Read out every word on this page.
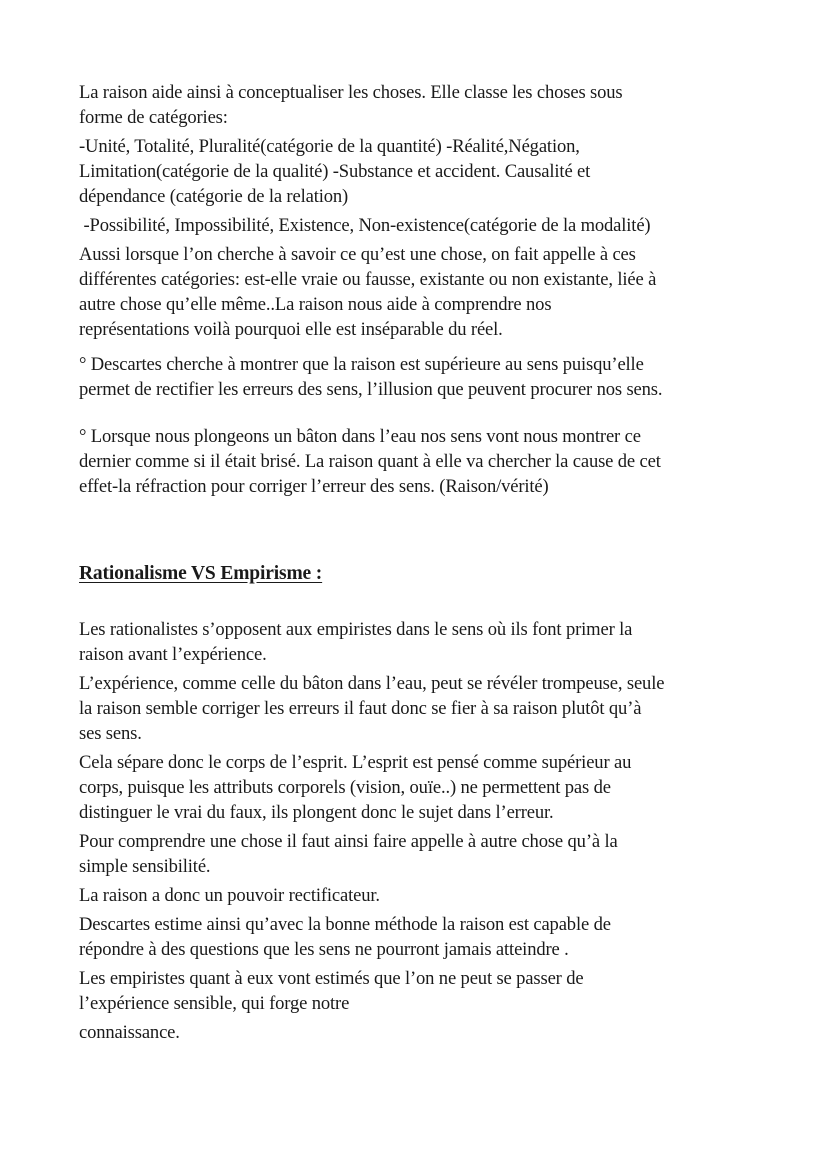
La raison aide ainsi à conceptualiser les choses. Elle classe les choses sous
forme de catégories:

-Unité, Totalité, Pluralité(catégorie de la quantité) -Réalité,Négation,
Limitation(catégorie de la qualité) -Substance et accident. Causalité et
dépendance (catégorie de la relation)

-Possibilité, Impossibilité, Existence, Non-existence(catégorie de la modalité)

Aussi lorsque l’on cherche à savoir ce qu’est une chose, on fait appelle à ces
différentes catégories: est-elle vraie ou fausse, existante ou non existante, liée à
autre chose qu’elle même..La raison nous aide à comprendre nos
représentations voilà pourquoi elle est inséparable du réel.

° Descartes cherche à montrer que la raison est supérieure au sens puisqu’elle
permet de rectifier les erreurs des sens, l’illusion que peuvent procurer nos sens.

° Lorsque nous plongeons un bâton dans l’eau nos sens vont nous montrer ce
dernier comme si il était brisé. La raison quant à elle va chercher la cause de cet
effet-la réfraction pour corriger l’erreur des sens. (Raison/vérité)

Rationalisme VS Empirisme :

Les rationalistes s’opposent aux empiristes dans le sens où ils font primer la
raison avant l’expérience.

L’expérience, comme celle du bâton dans l’eau, peut se révéler trompeuse, seule
la raison semble corriger les erreurs il faut donc se fier à sa raison plutôt qu’à
ses sens.

Cela sépare donc le corps de l’esprit. L’esprit est pensé comme supérieur au
corps, puisque les attributs corporels (vision, ouïe..) ne permettent pas de
distinguer le vrai du faux, ils plongent donc le sujet dans l’erreur.

Pour comprendre une chose il faut ainsi faire appelle à autre chose qu’à la
simple sensibilité.

La raison a donc un pouvoir rectificateur.

Descartes estime ainsi qu’avec la bonne méthode la raison est capable de
répondre à des questions que les sens ne pourront jamais atteindre .

Les empiristes quant à eux vont estimés que l’on ne peut se passer de
l’expérience sensible, qui forge notre

connaissance.
